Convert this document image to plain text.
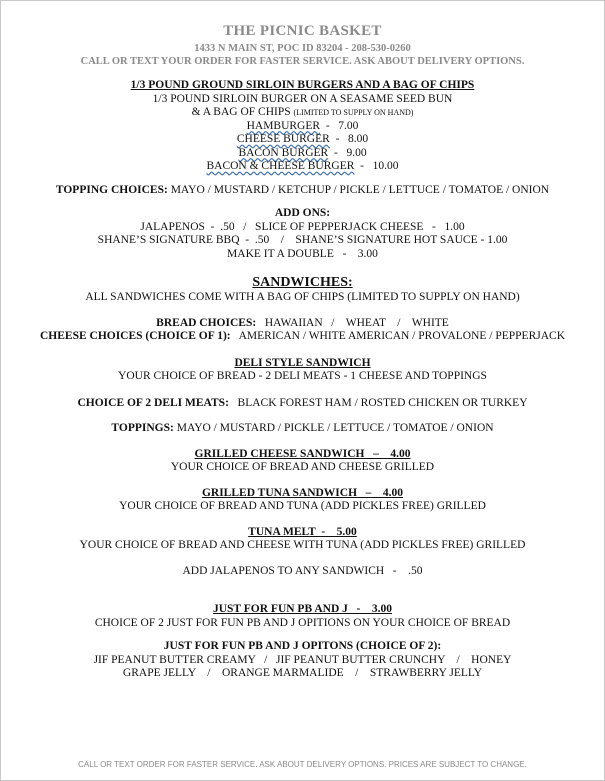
THE PICNIC BASKET
1433 N MAIN ST, POC ID 83204 - 208-530-0260
CALL OR TEXT YOUR ORDER FOR FASTER SERVICE. ASK ABOUT DELIVERY OPTIONS.
1/3 POUND GROUND SIRLOIN BURGERS AND A BAG OF CHIPS
1/3 POUND SIRLOIN BURGER ON A SEASAME SEED BUN
& A BAG OF CHIPS (LIMITED TO SUPPLY ON HAND)
HAMBURGER  -   7.00
CHEESE BURGER  -   8.00
BACON BURGER  -   9.00
BACON & CHEESE BURGER  -   10.00
TOPPING CHOICES: MAYO / MUSTARD / KETCHUP / PICKLE / LETTUCE / TOMATOE / ONION
ADD ONS:
JALAPENOS  -  .50   /   SLICE OF PEPPERJACK CHEESE   -   1.00
SHANE’S SIGNATURE BBQ  -  .50    /    SHANE’S SIGNATURE HOT SAUCE - 1.00
MAKE IT A DOUBLE   -    3.00
SANDWICHES:
ALL SANDWICHES COME WITH A BAG OF CHIPS (LIMITED TO SUPPLY ON HAND)
BREAD CHOICES:   HAWAIIAN   /    WHEAT    /    WHITE
CHEESE CHOICES (CHOICE OF 1):   AMERICAN / WHITE AMERICAN / PROVALONE / PEPPERJACK
DELI STYLE SANDWICH
YOUR CHOICE OF BREAD - 2 DELI MEATS - 1 CHEESE AND TOPPINGS
CHOICE OF 2 DELI MEATS:   BLACK FOREST HAM / ROSTED CHICKEN OR TURKEY
TOPPINGS: MAYO / MUSTARD / PICKLE / LETTUCE / TOMATOE / ONION
GRILLED CHEESE SANDWICH   –    4.00
YOUR CHOICE OF BREAD AND CHEESE GRILLED
GRILLED TUNA SANDWICH   –    4.00
YOUR CHOICE OF BREAD AND TUNA (ADD PICKLES FREE) GRILLED
TUNA MELT  -    5.00
YOUR CHOICE OF BREAD AND CHEESE WITH TUNA (ADD PICKLES FREE) GRILLED
ADD JALAPENOS TO ANY SANDWICH   -    .50
JUST FOR FUN PB AND J   -    3.00
CHOICE OF 2 JUST FOR FUN PB AND J OPITIONS ON YOUR CHOICE OF BREAD
JUST FOR FUN PB AND J OPITONS (CHOICE OF 2):
JIF PEANUT BUTTER CREAMY   /   JIF PEANUT BUTTER CRUNCHY    /    HONEY
GRAPE JELLY    /    ORANGE MARMALIDE    /    STRAWBERRY JELLY
CALL OR TEXT ORDER FOR FASTER SERVICE. ASK ABOUT DELIVERY OPTIONS. PRICES ARE SUBJECT TO CHANGE.
